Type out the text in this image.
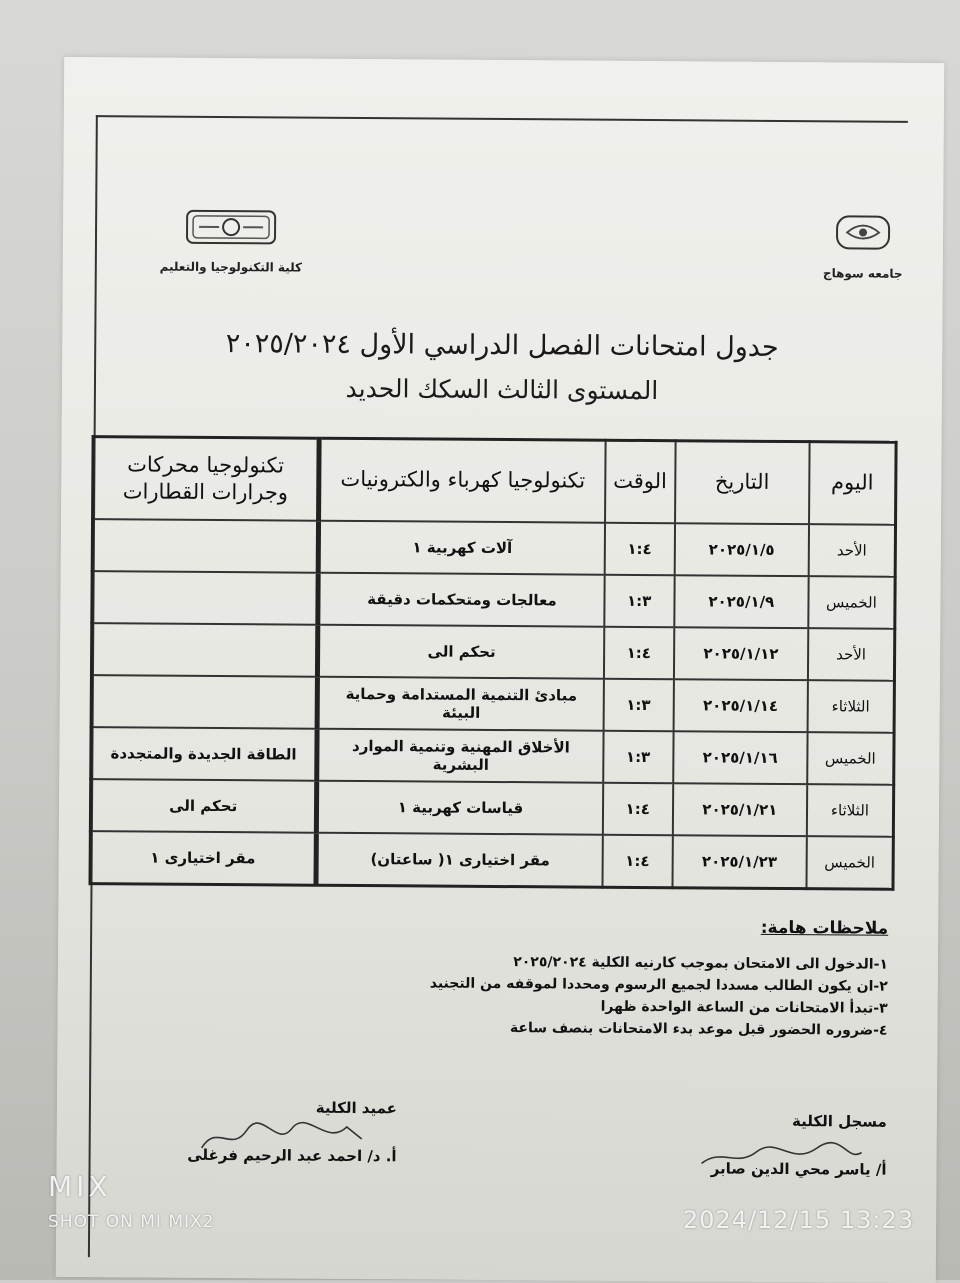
كلية التكنولوجيا والتعليم	جامعه سوهاج
جدول امتحانات الفصل الدراسي الأول ٢٠٢٥/٢٠٢٤
المستوى الثالث السكك الحديد
اليوم	التاريخ	الوقت	تكنولوجيا كهرباء والكترونيات	تكنولوجيا محركات وجرارات القطارات
الأحد	٢٠٢٥/١/٥	١:٤	آلات كهربية ١	
الخميس	٢٠٢٥/١/٩	١:٣	معالجات ومتحكمات دقيقة	
الأحد	٢٠٢٥/١/١٢	١:٤	تحكم الى	
الثلاثاء	٢٠٢٥/١/١٤	١:٣	مبادئ التنمية المستدامة وحماية البيئة	
الخميس	٢٠٢٥/١/١٦	١:٣	الأخلاق المهنية وتنمية الموارد البشرية	الطاقة الجديدة والمتجددة
الثلاثاء	٢٠٢٥/١/٢١	١:٤	قياسات كهربية ١	تحكم الى
الخميس	٢٠٢٥/١/٢٣	١:٤	مقر اختيارى ١( ساعتان)	مقر اختيارى ١
ملاحظات هامة:
١-الدخول الى الامتحان بموجب كارنيه الكلية ٢٠٢٥/٢٠٢٤
٢-ان يكون الطالب مسددا لجميع الرسوم ومحددا لموقفه من التجنيد
٣-تبدأ الامتحانات من الساعة الواحدة ظهرا
٤-ضروره الحضور قبل موعد بدء الامتحانات بنصف ساعة
عميد الكلية
أ. د/ احمد عبد الرحيم فرغلى
مسجل الكلية
أ/ ياسر محي الدين صابر
MIX
SHOT ON MI MIX2	2024/12/15 13:23
